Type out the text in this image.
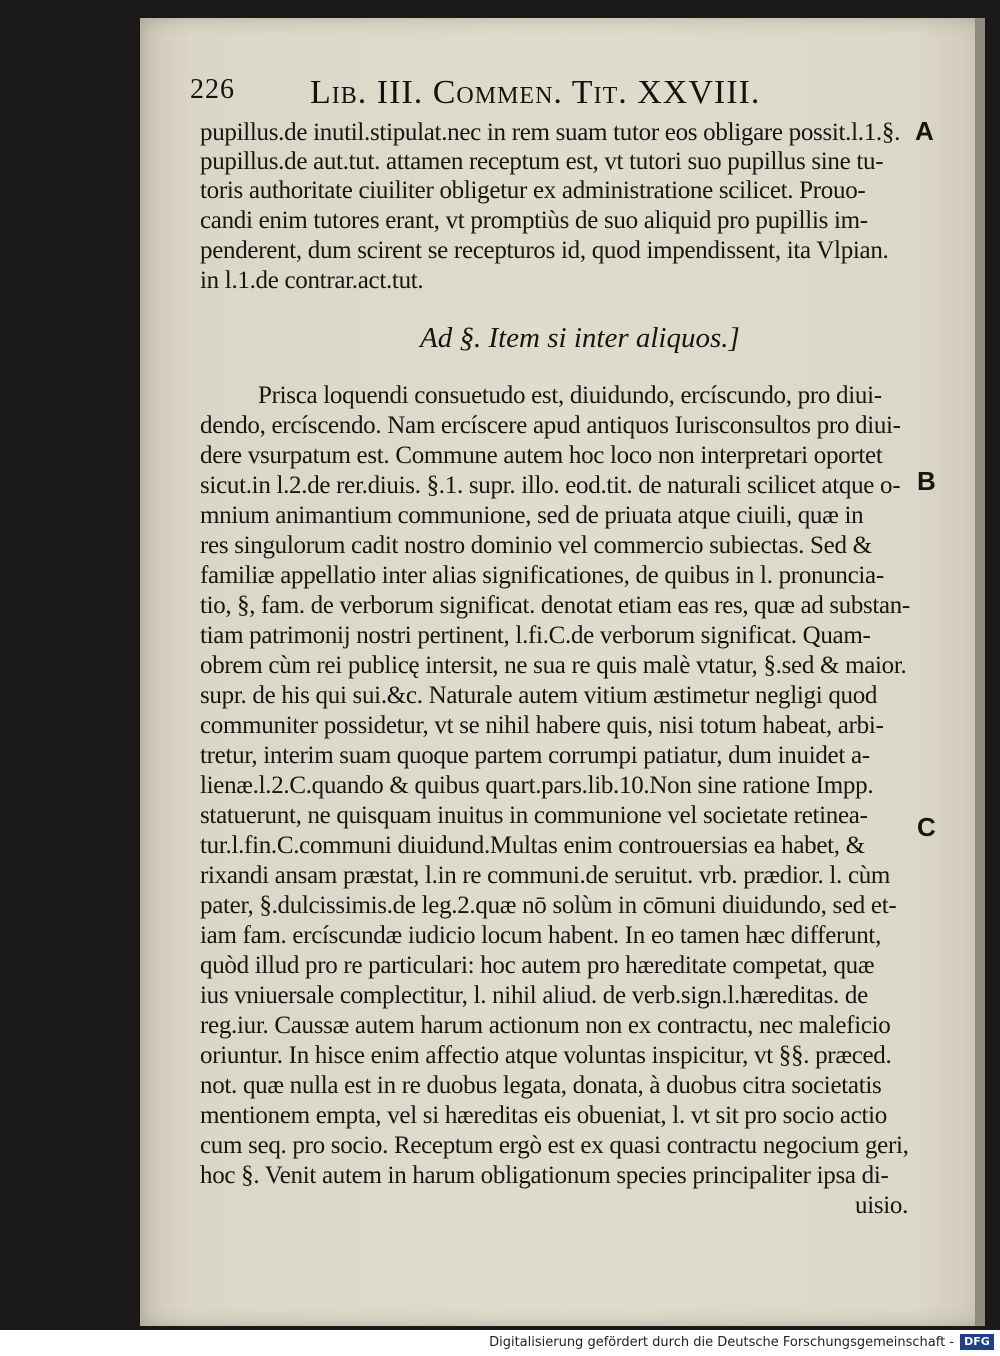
226 Lib. III. Commen. Tit. XXVIII.
pupillus.de inutil.stipulat.nec in rem suam tutor eos obligare possit.l.1.§.
pupillus.de aut.tut. attamen receptum est, vt tutori suo pupillus sine tu-
toris authoritate ciuiliter obligetur ex administratione scilicet. Prouo-
candi enim tutores erant, vt promptiùs de suo aliquid pro pupillis im-
penderent, dum scirent se recepturos id, quod impendissent, ita Vlpian.
in l.1.de contrar.act.tut.
Ad §. Item si inter aliquos.]
Prisca loquendi consuetudo est, diuidundo, ercíscundo, pro diui-
dendo, ercíscendo. Nam ercíscere apud antiquos Iurisconsultos pro diui-
dere vsurpatum est. Commune autem hoc loco non interpretari oportet
sicut.in l.2.de rer.diuis. §.1. supr. illo. eod.tit. de naturali scilicet atque o-
mnium animantium communione, sed de priuata atque ciuili, quæ in
res singulorum cadit nostro dominio vel commercio subiectas. Sed &
familiæ appellatio inter alias significationes, de quibus in l. pronuncia-
tio, §, fam. de verborum significat. denotat etiam eas res, quæ ad substan-
tiam patrimonij nostri pertinent, l.fi.C.de verborum significat. Quam-
obrem cùm rei publicę intersit, ne sua re quis malè vtatur, §.sed & maior.
supr. de his qui sui.&c. Naturale autem vitium æstimetur negligi quod
communiter possidetur, vt se nihil habere quis, nisi totum habeat, arbi-
tretur, interim suam quoque partem corrumpi patiatur, dum inuidet a-
lienæ.l.2.C.quando & quibus quart.pars.lib.10.Non sine ratione Impp.
statuerunt, ne quisquam inuitus in communione vel societate retinea-
tur.l.fin.C.communi diuidund.Multas enim controuersias ea habet, &
rixandi ansam præstat, l.in re communi.de seruitut. vrb. prædior. l. cùm
pater, §.dulcissimis.de leg.2.quæ nō solùm in cōmuni diuidundo, sed et-
iam fam. ercíscundæ iudicio locum habent. In eo tamen hæc differunt,
quòd illud pro re particulari: hoc autem pro hæreditate competat, quæ
ius vniuersale complectitur, l. nihil aliud. de verb.sign.l.hæreditas. de
reg.iur. Caussæ autem harum actionum non ex contractu, nec maleficio
oriuntur. In hisce enim affectio atque voluntas inspicitur, vt §§. præced.
not. quæ nulla est in re duobus legata, donata, à duobus citra societatis
mentionem empta, vel si hæreditas eis obueniat, l. vt sit pro socio actio
cum seq. pro socio. Receptum ergò est ex quasi contractu negocium geri,
hoc §. Venit autem in harum obligationum species principaliter ipsa di-
uisio.
A
B
C
Digitalisierung gefördert durch die Deutsche Forschungsgemeinschaft - DFG
